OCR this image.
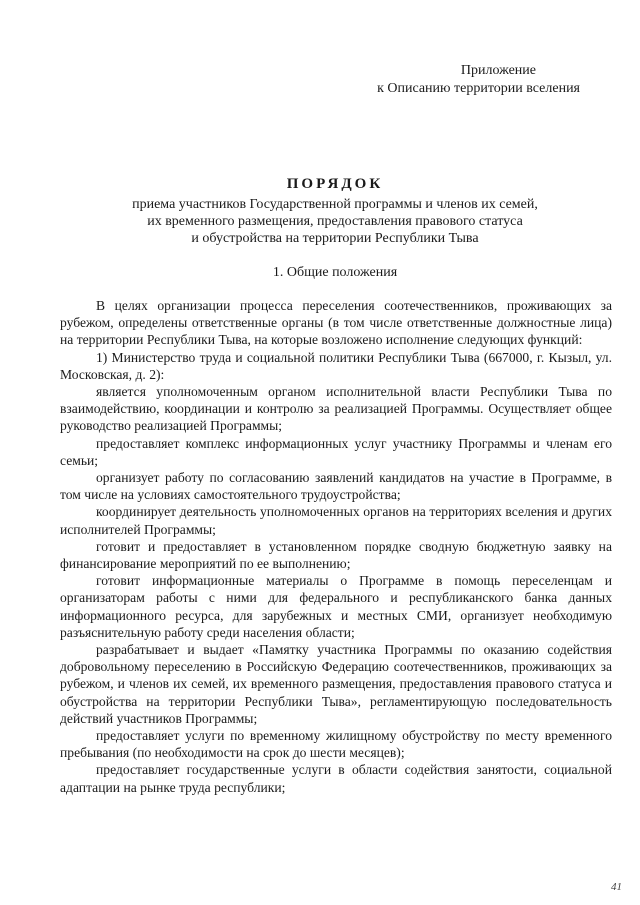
Приложение
к Описанию территории вселения
ПОРЯДОК
приема участников Государственной программы и членов их семей,
их временного размещения, предоставления правового статуса
и обустройства на территории Республики Тыва
1. Общие положения

В целях организации процесса переселения соотечественников, проживающих за рубежом, определены ответственные органы (в том числе ответственные должностные лица) на территории Республики Тыва, на которые возложено исполнение следующих функций:

1) Министерство труда и социальной политики Республики Тыва (667000, г. Кызыл, ул. Московская, д. 2):

является уполномоченным органом исполнительной власти Республики Тыва по взаимодействию, координации и контролю за реализацией Программы. Осуществляет общее руководство реализацией Программы;

предоставляет комплекс информационных услуг участнику Программы и членам его семьи;

организует работу по согласованию заявлений кандидатов на участие в Программе, в том числе на условиях самостоятельного трудоустройства;

координирует деятельность уполномоченных органов на территориях вселения и других исполнителей Программы;

готовит и предоставляет в установленном порядке сводную бюджетную заявку на финансирование мероприятий по ее выполнению;

готовит информационные материалы о Программе в помощь переселенцам и организаторам работы с ними для федерального и республиканского банка данных информационного ресурса, для зарубежных и местных СМИ, организует необходимую разъяснительную работу среди населения области;

разрабатывает и выдает «Памятку участника Программы по оказанию содействия добровольному переселению в Российскую Федерацию соотечественников, проживающих за рубежом, и членов их семей, их временного размещения, предоставления правового статуса и обустройства на территории Республики Тыва», регламентирующую последовательность действий участников Программы;

предоставляет услуги по временному жилищному обустройству по месту временного пребывания (по необходимости на срок до шести месяцев);

предоставляет государственные услуги в области содействия занятости, социальной адаптации на рынке труда республики;

41
